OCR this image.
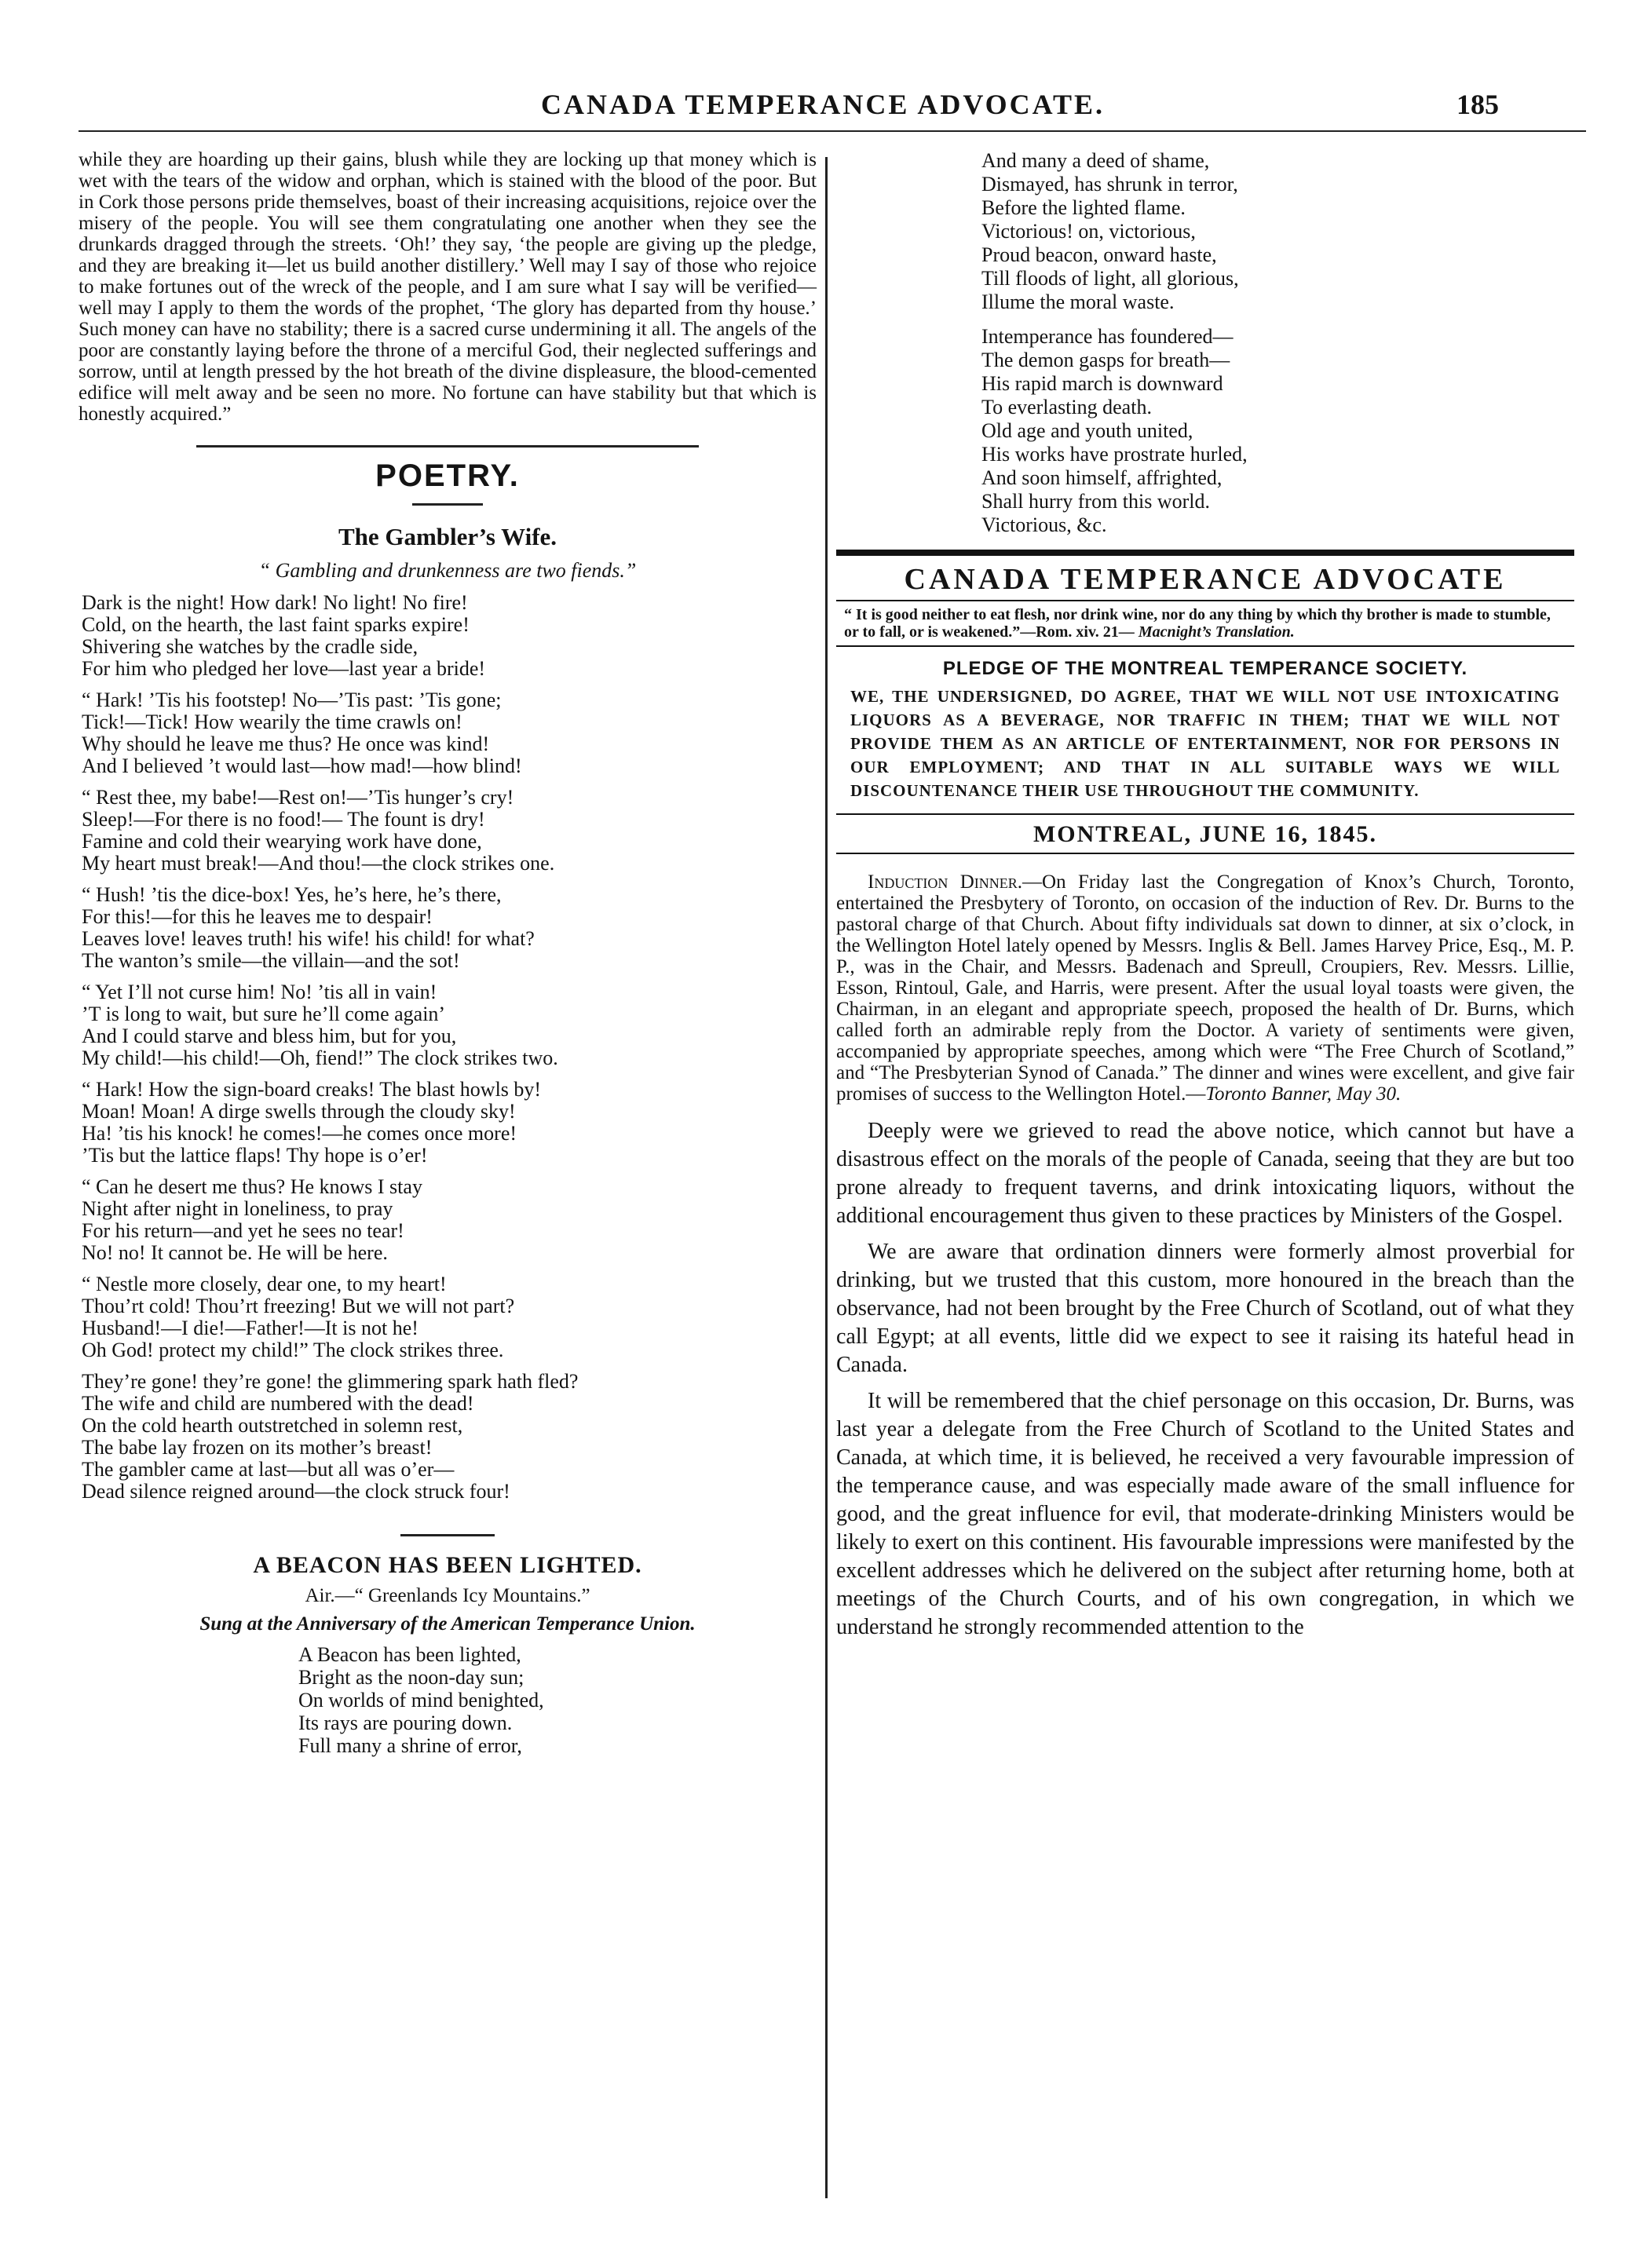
CANADA TEMPERANCE ADVOCATE.	185

while they are hoarding up their gains, blush while they are locking up that money which is wet with the tears of the widow and orphan, which is stained with the blood of the poor. But in Cork those persons pride themselves, boast of their increasing acquisitions, rejoice over the misery of the people. You will see them congratulating one another when they see the drunkards dragged through the streets. ‘Oh!’ they say, ‘the people are giving up the pledge, and they are breaking it—let us build another distillery.’ Well may I say of those who rejoice to make fortunes out of the wreck of the people, and I am sure what I say will be verified—well may I apply to them the words of the prophet, ‘The glory has departed from thy house.’ Such money can have no stability; there is a sacred curse undermining it all. The angels of the poor are constantly laying before the throne of a merciful God, their neglected sufferings and sorrow, until at length pressed by the hot breath of the divine displeasure, the blood-cemented edifice will melt away and be seen no more. No fortune can have stability but that which is honestly acquired.”

POETRY.
The Gambler’s Wife.
“ Gambling and drunkenness are two fiends.”
Dark is the night! How dark! No light! No fire!
Cold, on the hearth, the last faint sparks expire!
Shivering she watches by the cradle side,
For him who pledged her love—last year a bride!
“ Hark! ’Tis his footstep! No—’Tis past: ’Tis gone;
Tick!—Tick! How wearily the time crawls on!
Why should he leave me thus? He once was kind!
And I believed ’t would last—how mad!—how blind!
“ Rest thee, my babe!—Rest on!—’Tis hunger’s cry!
Sleep!—For there is no food!— The fount is dry!
Famine and cold their wearying work have done,
My heart must break!—And thou!—the clock strikes one.
“ Hush! ’tis the dice-box! Yes, he’s here, he’s there,
For this!—for this he leaves me to despair!
Leaves love! leaves truth! his wife! his child! for what?
The wanton’s smile—the villain—and the sot!
“ Yet I’ll not curse him! No! ’tis all in vain!
’T is long to wait, but sure he’ll come again’
And I could starve and bless him, but for you,
My child!—his child!—Oh, fiend!” The clock strikes two.
“ Hark! How the sign-board creaks! The blast howls by!
Moan! Moan! A dirge swells through the cloudy sky!
Ha! ’tis his knock! he comes!—he comes once more!
’Tis but the lattice flaps! Thy hope is o’er!
“ Can he desert me thus? He knows I stay
Night after night in loneliness, to pray
For his return—and yet he sees no tear!
No! no! It cannot be. He will be here.
“ Nestle more closely, dear one, to my heart!
Thou’rt cold! Thou’rt freezing! But we will not part?
Husband!—I die!—Father!—It is not he!
Oh God! protect my child!” The clock strikes three.
They’re gone! they’re gone! the glimmering spark hath fled?
The wife and child are numbered with the dead!
On the cold hearth outstretched in solemn rest,
The babe lay frozen on its mother’s breast!
The gambler came at last—but all was o’er—
Dead silence reigned around—the clock struck four!
A BEACON HAS BEEN LIGHTED.
Air.—“ Greenlands Icy Mountains.”
Sung at the Anniversary of the American Temperance Union.
A Beacon has been lighted,
Bright as the noon-day sun;
On worlds of mind benighted,
Its rays are pouring down.
Full many a shrine of error,
And many a deed of shame,
Dismayed, has shrunk in terror,
Before the lighted flame.
Victorious! on, victorious,
Proud beacon, onward haste,
Till floods of light, all glorious,
Illume the moral waste.
Intemperance has foundered—
The demon gasps for breath—
His rapid march is downward
To everlasting death.
Old age and youth united,
His works have prostrate hurled,
And soon himself, affrighted,
Shall hurry from this world.
Victorious, &c.
CANADA TEMPERANCE ADVOCATE

“ It is good neither to eat flesh, nor drink wine, nor do any thing by which thy brother is made to stumble, or to fall, or is weakened.”—Rom. xiv. 21— Macnight’s Translation.

PLEDGE OF THE MONTREAL TEMPERANCE SOCIETY.

WE, THE UNDERSIGNED, DO AGREE, THAT WE WILL NOT USE INTOXICATING LIQUORS AS A BEVERAGE, NOR TRAFFIC IN THEM; THAT WE WILL NOT PROVIDE THEM AS AN ARTICLE OF ENTERTAINMENT, NOR FOR PERSONS IN OUR EMPLOYMENT; AND THAT IN ALL SUITABLE WAYS WE WILL DISCOUNTENANCE THEIR USE THROUGHOUT THE COMMUNITY.

MONTREAL, JUNE 16, 1845.

Induction Dinner.—On Friday last the Congregation of Knox’s Church, Toronto, entertained the Presbytery of Toronto, on occasion of the induction of Rev. Dr. Burns to the pastoral charge of that Church. About fifty individuals sat down to dinner, at six o’clock, in the Wellington Hotel lately opened by Messrs. Inglis & Bell. James Harvey Price, Esq., M. P. P., was in the Chair, and Messrs. Badenach and Spreull, Croupiers, Rev. Messrs. Lillie, Esson, Rintoul, Gale, and Harris, were present. After the usual loyal toasts were given, the Chairman, in an elegant and appropriate speech, proposed the health of Dr. Burns, which called forth an admirable reply from the Doctor. A variety of sentiments were given, accompanied by appropriate speeches, among which were “The Free Church of Scotland,” and “The Presbyterian Synod of Canada.” The dinner and wines were excellent, and give fair promises of success to the Wellington Hotel.—Toronto Banner, May 30.

Deeply were we grieved to read the above notice, which cannot but have a disastrous effect on the morals of the people of Canada, seeing that they are but too prone already to frequent taverns, and drink intoxicating liquors, without the additional encouragement thus given to these practices by Ministers of the Gospel.

We are aware that ordination dinners were formerly almost proverbial for drinking, but we trusted that this custom, more honoured in the breach than the observance, had not been brought by the Free Church of Scotland, out of what they call Egypt; at all events, little did we expect to see it raising its hateful head in Canada.

It will be remembered that the chief personage on this occasion, Dr. Burns, was last year a delegate from the Free Church of Scotland to the United States and Canada, at which time, it is believed, he received a very favourable impression of the temperance cause, and was especially made aware of the small influence for good, and the great influence for evil, that moderate-drinking Ministers would be likely to exert on this continent. His favourable impressions were manifested by the excellent addresses which he delivered on the subject after returning home, both at meetings of the Church Courts, and of his own congregation, in which we understand he strongly recommended attention to the
